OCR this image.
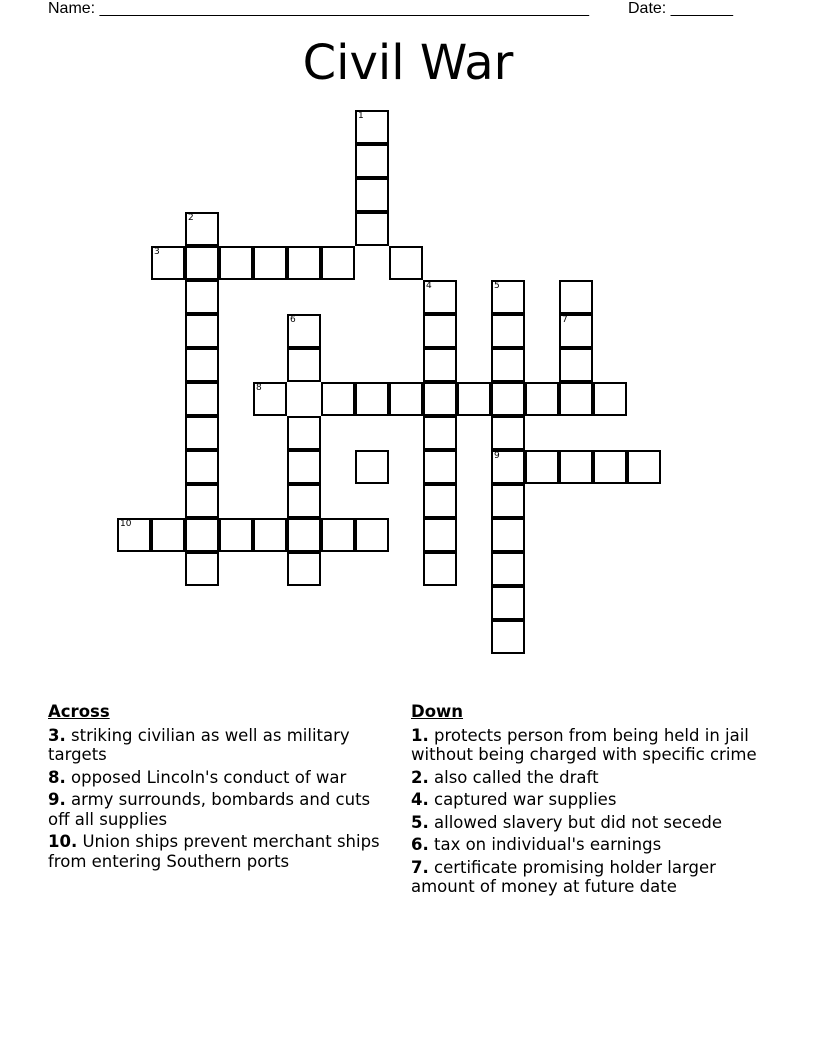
Name: _______________________________________________________ Date: _______
Civil War
1
2
3
4	5
6	7
8
9
10
Across
3. striking civilian as well as military targets
8. opposed Lincoln's conduct of war
9. army surrounds, bombards and cuts off all supplies
10. Union ships prevent merchant ships from entering Southern ports
Down
1. protects person from being held in jail without being charged with specific crime
2. also called the draft
4. captured war supplies
5. allowed slavery but did not secede
6. tax on individual's earnings
7. certificate promising holder larger amount of money at future date
